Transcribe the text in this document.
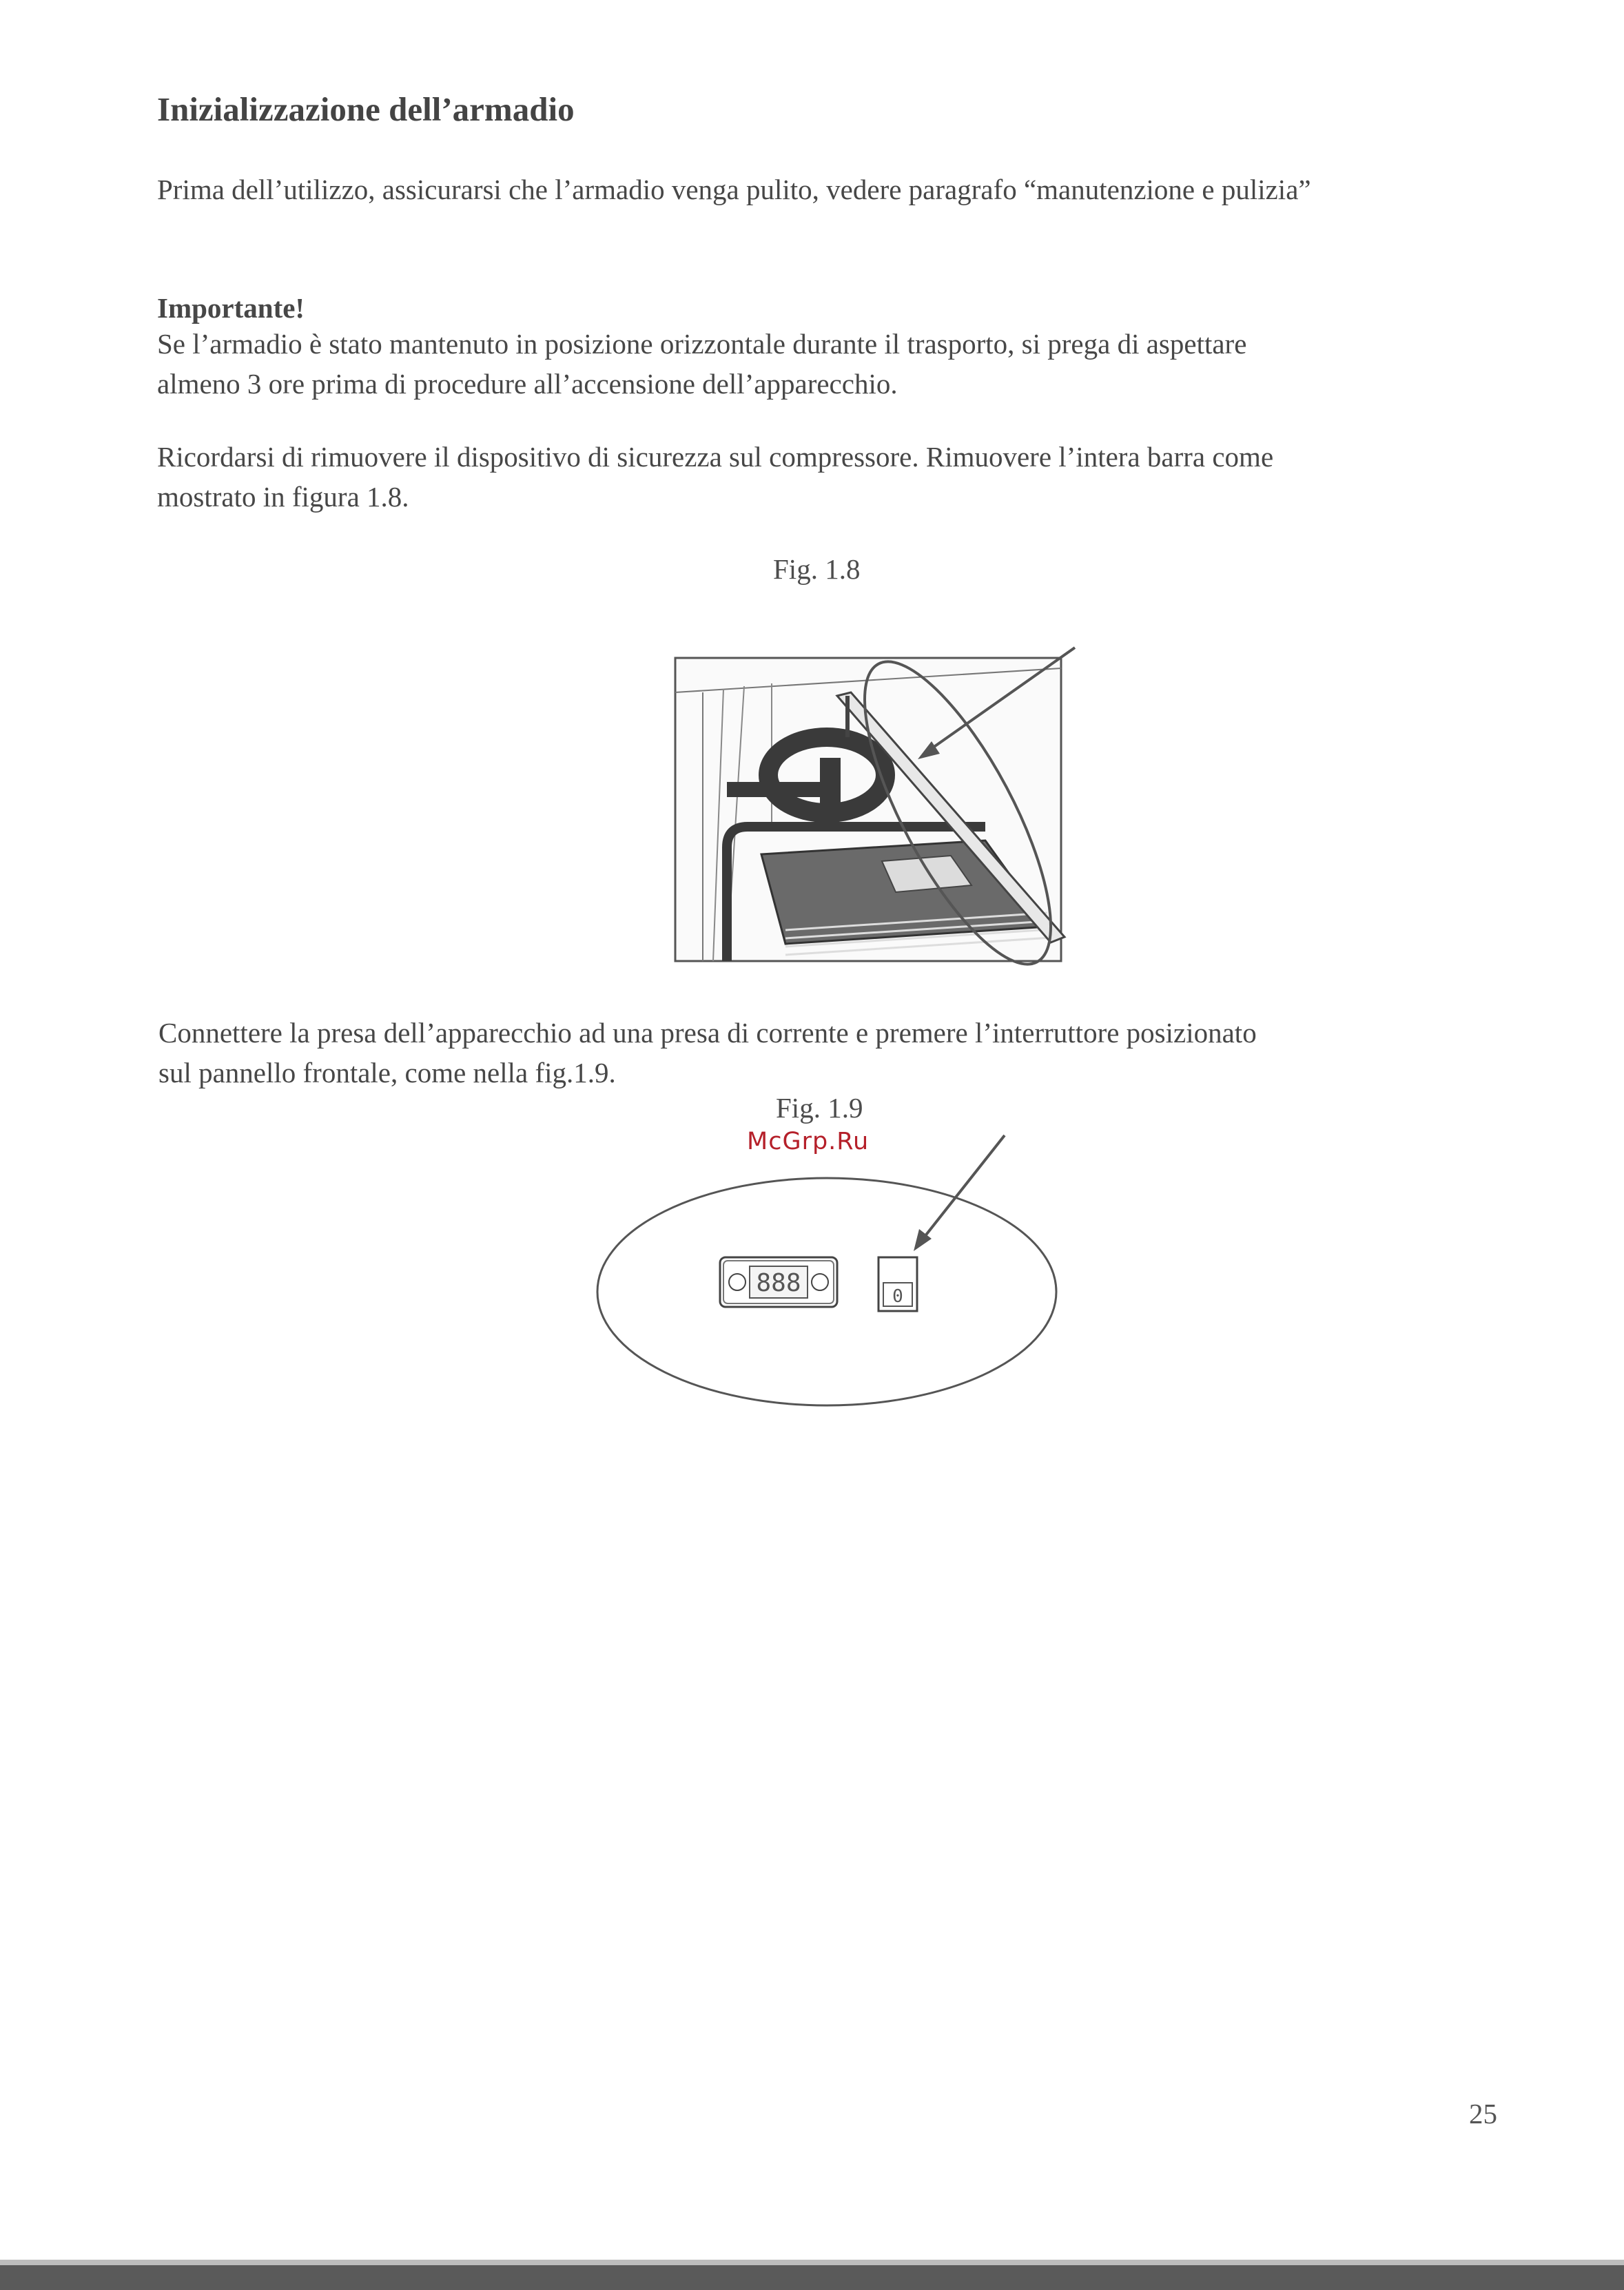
Inizializzazione dell’armadio
Prima dell’utilizzo, assicurarsi che l’armadio venga pulito, vedere paragrafo “manutenzione e pulizia”
Importante!
Se l’armadio è stato mantenuto in posizione orizzontale durante il trasporto, si prega di aspettare
almeno 3 ore prima di procedure all’accensione dell’apparecchio.
Ricordarsi di rimuovere il dispositivo di sicurezza sul compressore. Rimuovere l’intera barra come
mostrato in figura 1.8.
Fig. 1.8
Connettere la presa dell’apparecchio ad una presa di corrente e premere l’interruttore posizionato
sul pannello frontale, come nella fig.1.9.
Fig. 1.9
McGrp.Ru
888	0
25
